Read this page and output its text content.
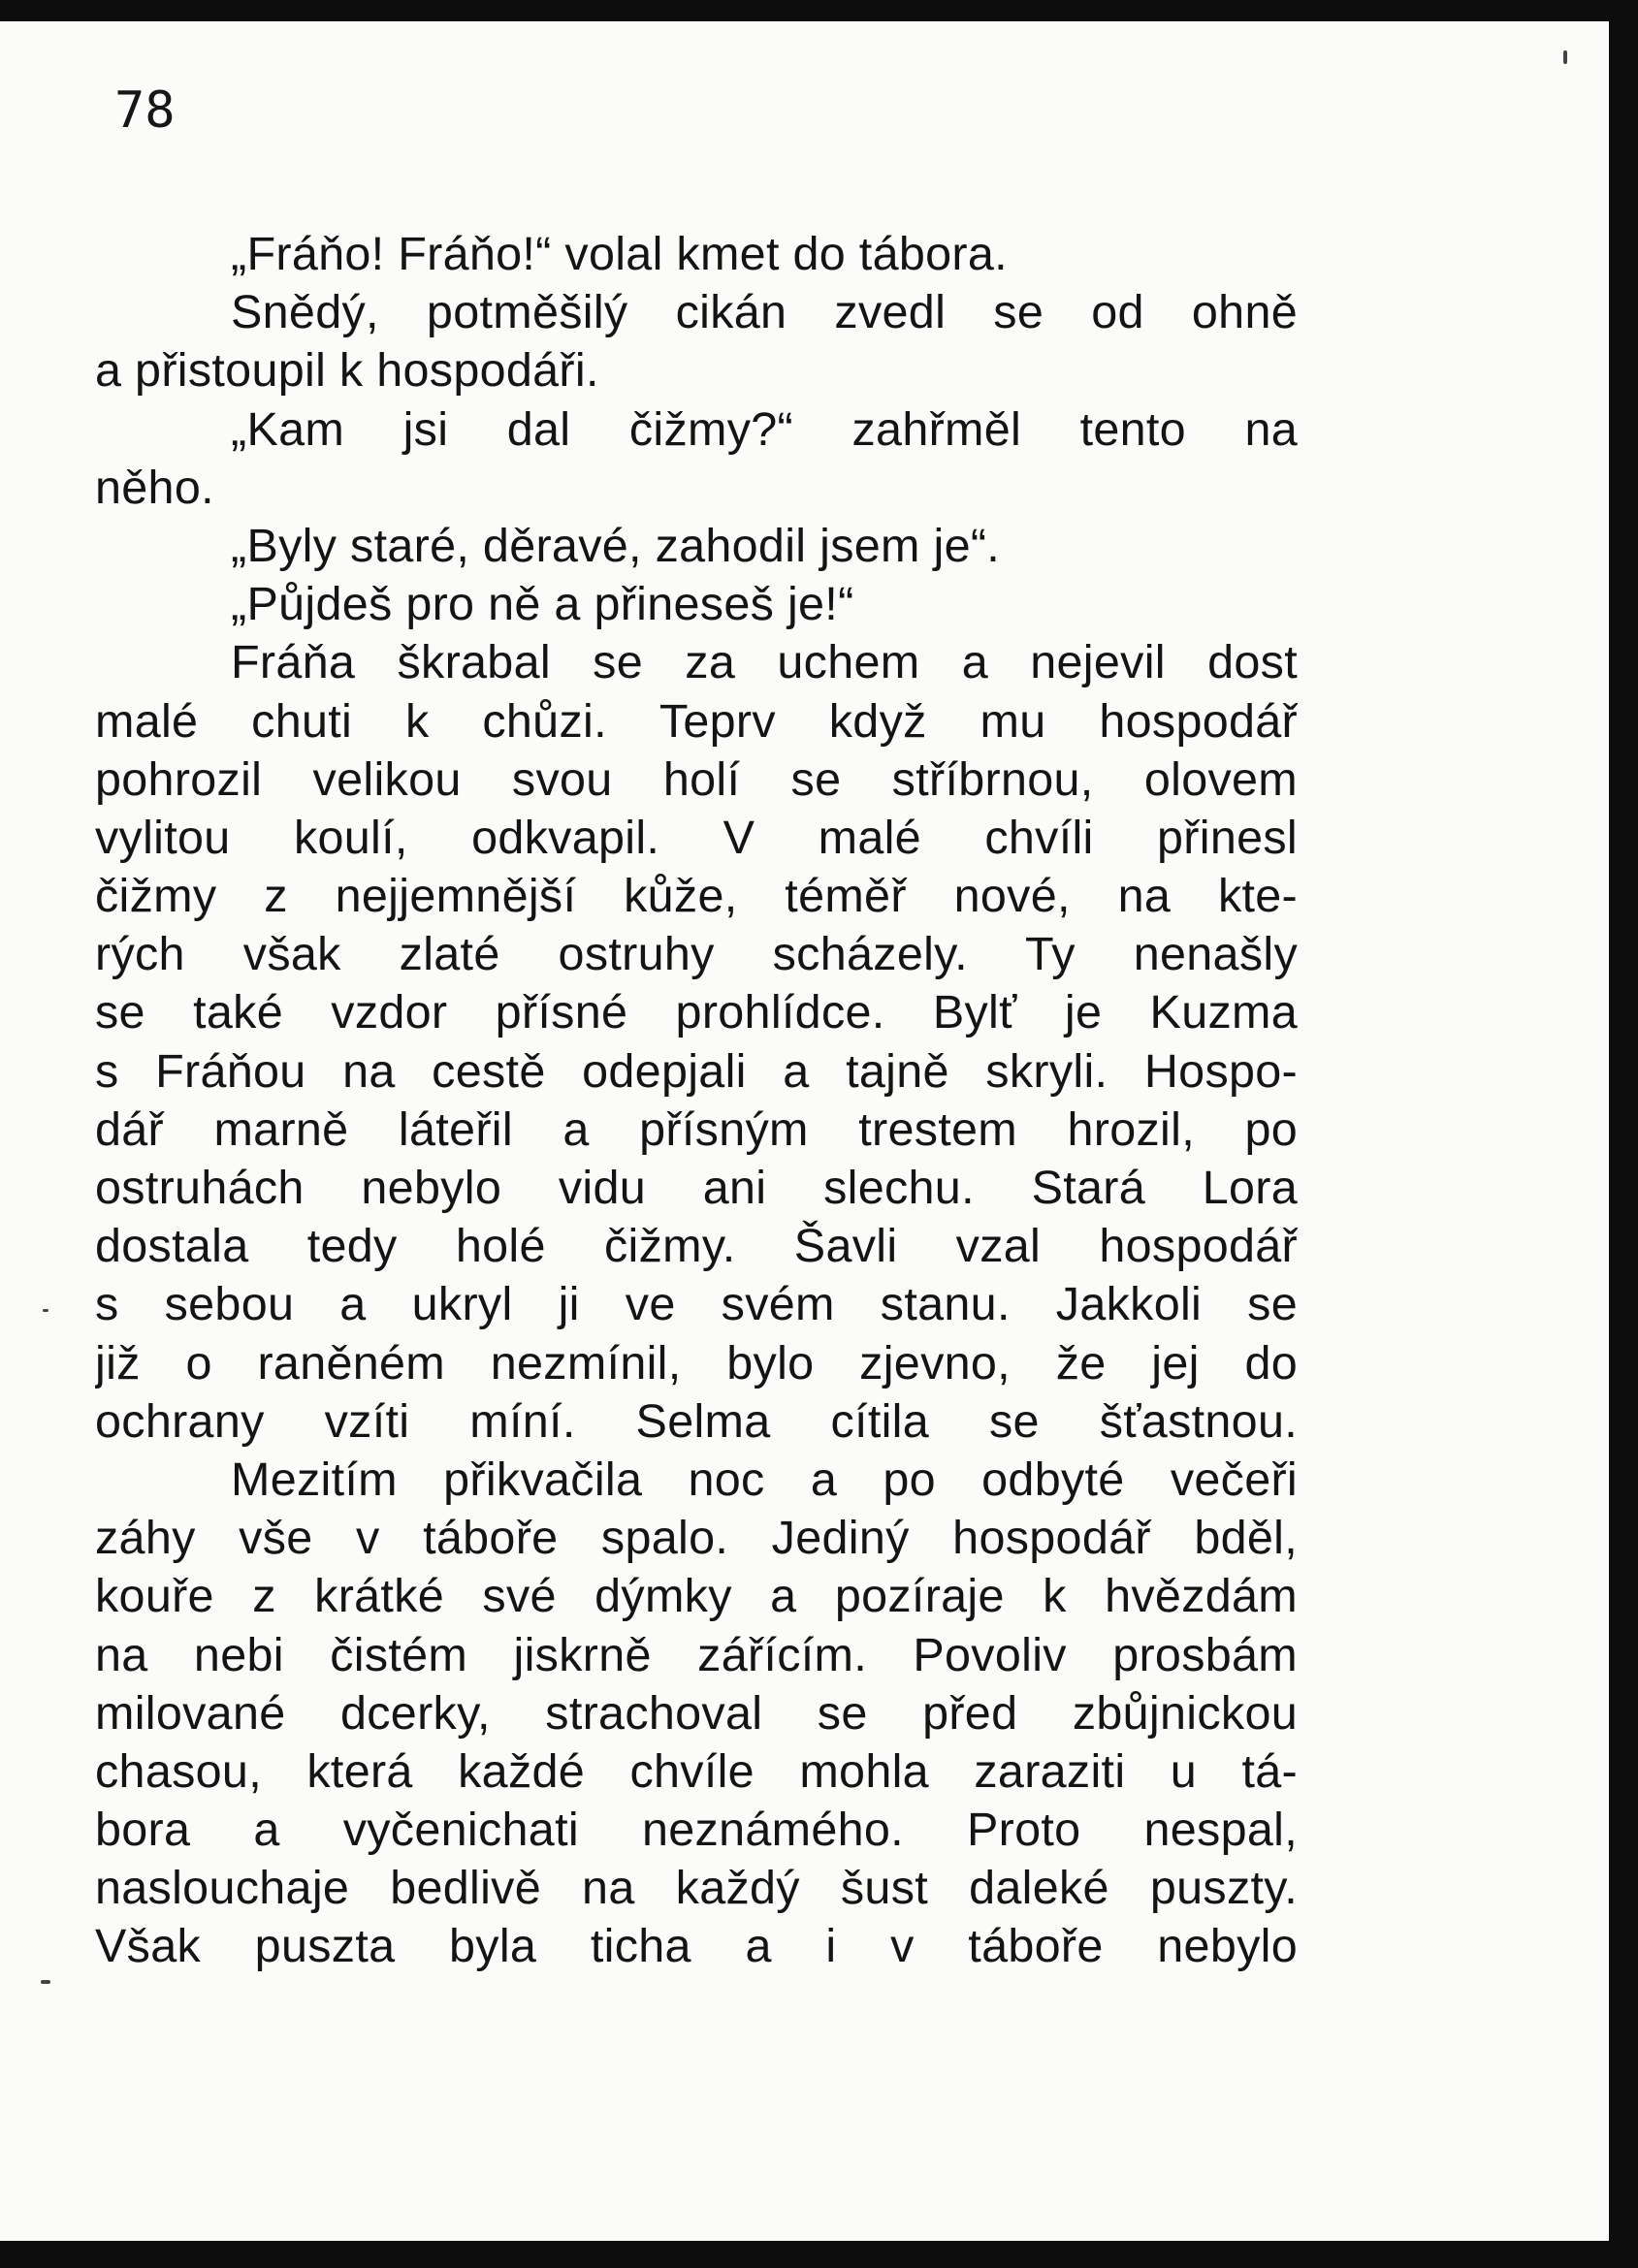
78

„Fráňo! Fráňo!“ volal kmet do tábora.
Snědý, potměšilý cikán zvedl se od ohně
a přistoupil k hospodáři.
„Kam jsi dal čižmy?“ zahřměl tento na
něho.
„Byly staré, děravé, zahodil jsem je“.
„Půjdeš pro ně a přineseš je!“
Fráňa škrabal se za uchem a nejevil dost
malé chuti k chůzi. Teprv když mu hospodář
pohrozil velikou svou holí se stříbrnou, olovem
vylitou koulí, odkvapil. V malé chvíli přinesl
čižmy z nejjemnější kůže, téměř nové, na kte-
rých však zlaté ostruhy scházely. Ty nenašly
se také vzdor přísné prohlídce. Bylť je Kuzma
s Fráňou na cestě odepjali a tajně skryli. Hospo-
dář marně láteřil a přísným trestem hrozil, po
ostruhách nebylo vidu ani slechu. Stará Lora
dostala tedy holé čižmy. Šavli vzal hospodář
s sebou a ukryl ji ve svém stanu. Jakkoli se
již o raněném nezmínil, bylo zjevno, že jej do
ochrany vzíti míní. Selma cítila se šťastnou.
Mezitím přikvačila noc a po odbyté večeři
záhy vše v táboře spalo. Jediný hospodář bděl,
kouře z krátké své dýmky a pozíraje k hvězdám
na nebi čistém jiskrně zářícím. Povoliv prosbám
milované dcerky, strachoval se před zbůjnickou
chasou, která každé chvíle mohla zaraziti u tá-
bora a vyčenichati neznámého. Proto nespal,
naslouchaje bedlivě na každý šust daleké puszty.
Však puszta byla ticha a i v táboře nebylo
